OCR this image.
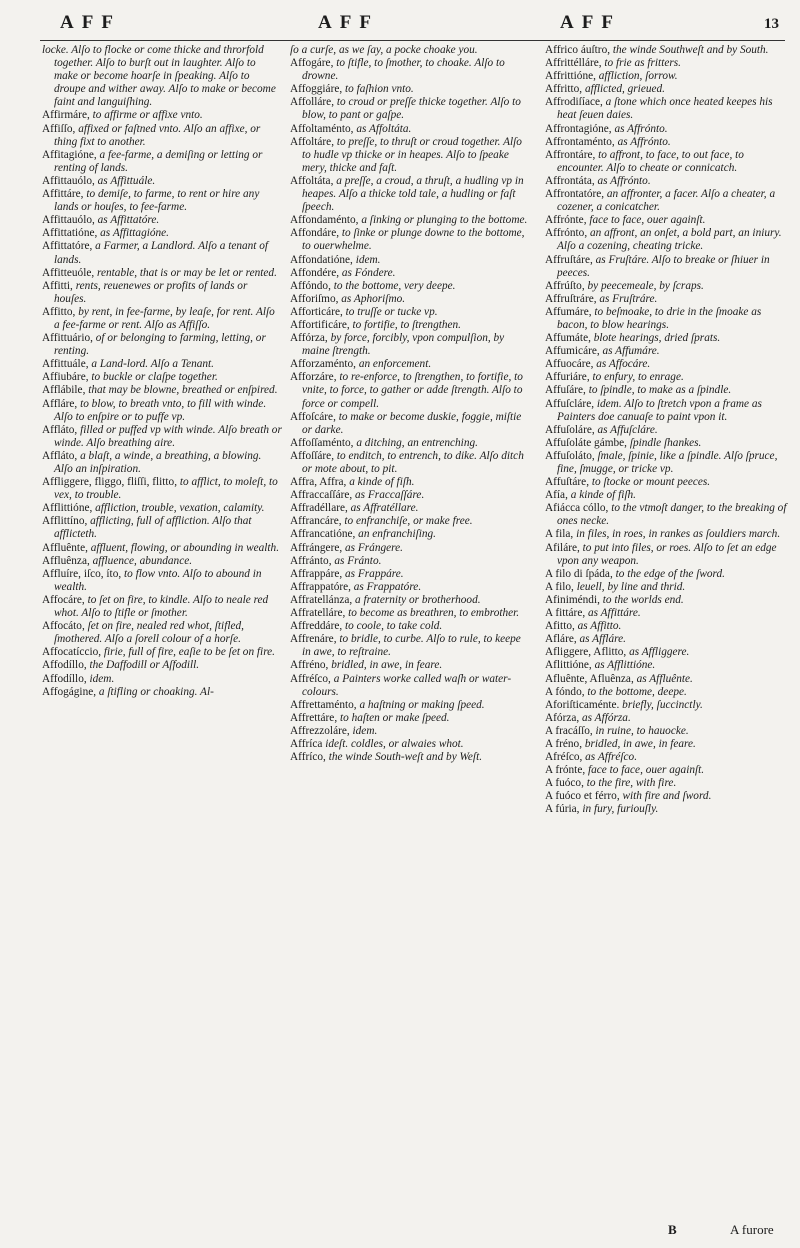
AFF	AFF	AFF	13

locke. Alſo to flocke or come thicke and throrfold together. Alſo to burſt out in laughter. Alſo to make or become hoarſe in ſpeaking. Alſo to droupe and wither away. Alſo to make or become faint and languiſhing.

Affirmáre, to affirme or affixe vnto.

Affiſſo, affixed or faſtned vnto. Alſo an affixe, or thing fixt to another.

Affitagióne, a fee-farme, a demiſing or letting or renting of lands.

Affittauólo, as Affittuále.

Affittáre, to demiſe, to farme, to rent or hire any lands or houſes, to fee-farme.

Affittauólo, as Affittatóre.

Affittatióne, as Affittagióne.

Affittatóre, a Farmer, a Landlord. Alſo a tenant of lands.

Affitteuóle, rentable, that is or may be let or rented.

Affitti, rents, reuenewes or profits of lands or houſes.

Affitto, by rent, in fee-farme, by leaſe, for rent. Alſo a fee-farme or rent. Alſo as Affiſſo.

Affittuário, of or belonging to farming, letting, or renting.

Affittuále, a Land-lord. Alſo a Tenant.

Affiubáre, to buckle or claſpe together.

Afflábile, that may be blowne, breathed or enſpired.

Affláre, to blow, to breath vnto, to fill with winde. Alſo to enſpire or to puffe vp.

Affláto, filled or puffed vp with winde. Alſo breath or winde. Alſo breathing aire.

Affláto, a blaſt, a winde, a breathing, a blowing. Alſo an inſpiration.

Affliggere, fliggo, fliſſi, flitto, to afflict, to moleſt, to vex, to trouble.

Afflittióne, affliction, trouble, vexation, calamity.

Afflittíno, afflicting, full of affliction. Alſo that afflicteth.

Affluênte, affluent, flowing, or abounding in wealth.

Affluênza, affluence, abundance.

Affluíre, iſco, íto, to flow vnto. Alſo to abound in wealth.

Affocáre, to ſet on fire, to kindle. Alſo to neale red whot. Alſo to ſtifle or ſmother.

Affocáto, ſet on fire, nealed red whot, ſtifled, ſmothered. Alſo a ſorell colour of a horſe.

Affocatíccio, firie, full of fire, eaſie to be ſet on fire.

Affodíllo, the Daffodill or Aſfodill.

Affodíllo, idem.

Affogágine, a ſtifling or choaking. Al-

ſo a curſe, as we ſay, a pocke choake you.

Affogáre, to ſtifle, to ſmother, to choake. Alſo to drowne.

Affoggiáre, to faſhion vnto.

Affolláre, to croud or preſſe thicke together. Alſo to blow, to pant or gaſpe.

Affoltaménto, as Affoltáta.

Affoltáre, to preſſe, to thruſt or croud together. Alſo to hudle vp thicke or in heapes. Alſo to ſpeake mery, thicke and faſt.

Affoltáta, a preſſe, a croud, a thruſt, a hudling vp in heapes. Alſo a thicke told tale, a hudling or faſt ſpeech.

Affondaménto, a ſinking or plunging to the bottome.

Affondáre, to ſinke or plunge downe to the bottome, to ouerwhelme.

Affondatióne, idem.

Affondére, as Fóndere.

Affóndo, to the bottome, very deepe.

Afforiſmo, as Aphoriſmo.

Afforticáre, to truſſe or tucke vp.

Affortificáre, to fortifie, to ſtrengthen.

Affórza, by force, forcibly, vpon compulſion, by maine ſtrength.

Afforzaménto, an enforcement.

Afforzáre, to re-enforce, to ſtrengthen, to fortifie, to vnite, to force, to gather or adde ſtrength. Alſo to force or compell.

Affoſcáre, to make or become duskie, foggie, miſtie or darke.

Affoſſaménto, a ditching, an entrenching.

Affoſſáre, to enditch, to entrench, to dike. Alſo ditch or mote about, to pit.

Affra, Affra, a kinde of fiſh.

Affraccaſſáre, as Fraccaſſáre.

Affradéllare, as Affratéllare.

Affrancáre, to enfranchiſe, or make free.

Affrancatióne, an enfranchiſing.

Affrángere, as Frángere.

Affránto, as Fránto.

Affrappáre, as Frappáre.

Affrappatóre, as Frappatóre.

Affratellánza, a fraternity or brotherhood.

Affratelláre, to become as breathren, to embrother.

Affreddáre, to coole, to take cold.

Affrenáre, to bridle, to curbe. Alſo to rule, to keepe in awe, to reſtraine.

Affréno, bridled, in awe, in feare.

Affréſco, a Painters worke called waſh or water-colours.

Affrettaménto, a haſtning or making ſpeed.

Affrettáre, to haſten or make ſpeed.

Affrezzoláre, idem.

Affríca ideſt. coldles, or alwaies whot.

Affríco, the winde South-weſt and by Weſt.

Affrico áuſtro, the winde Southweſt and by South.

Affrittélláre, to frie as fritters.

Affrittióne, affliction, ſorrow.

Affritto, afflicted, grieued.

Affrodiſíace, a ſtone which once heated keepes his heat ſeuen daies.

Affrontagióne, as Affrónto.

Affrontaménto, as Affrónto.

Affrontáre, to affront, to face, to out face, to encounter. Alſo to cheate or connicatch.

Affrontáta, as Affrónto.

Affrontatóre, an affronter, a facer. Alſo a cheater, a cozener, a conicatcher.

Affrónte, face to face, ouer againſt.

Affrónto, an affront, an onſet, a bold part, an iniury. Alſo a cozening, cheating tricke.

Affruſtáre, as Fruſtáre. Alſo to breake or ſhiuer in peeces.

Affrúſto, by peecemeale, by ſcraps.

Affruſtráre, as Fruſtráre.

Affumáre, to beſmoake, to drie in the ſmoake as bacon, to blow hearings.

Affumáte, blote hearings, dried ſprats.

Affumicáre, as Affumáre.

Affuocáre, as Affocáre.

Affuriáre, to enfury, to enrage.

Affuſáre, to ſpindle, to make as a ſpindle.

Affuſcláre, idem. Alſo to ſtretch vpon a frame as Painters doe canuaſe to paint vpon it.

Affuſoláre, as Affuſcláre.

Affuſoláte gámbe, ſpindle ſhankes.

Affuſoláto, ſmale, ſpinie, like a ſpindle. Alſo ſpruce, fine, ſmugge, or tricke vp.

Affuſtáre, to ſtocke or mount peeces.

Afía, a kinde of fiſh.

Afiácca cóllo, to the vtmoſt danger, to the breaking of ones necke.

A fila, in files, in roes, in rankes as ſouldiers march.

Afiláre, to put into files, or roes. Alſo to ſet an edge vpon any weapon.

A filo di ſpáda, to the edge of the ſword.

A filo, leuell, by line and thrid.

Afiniméndi, to the worlds end.

A fittáre, as Affittáre.

Afitto, as Affitto.

Afláre, as Affláre.

Afliggere, Aflitto, as Affliggere.

Aflittióne, as Afflittióne.

Afluênte, Afluênza, as Affluênte.

A fóndo, to the bottome, deepe.

Aforiſticaménte. briefly, ſuccinctly.

Afórza, as Affórza.

A fracáſſo, in ruine, to hauocke.

A fréno, bridled, in awe, in feare.

Afréſco, as Affréſco.

A frónte, face to face, ouer againſt.

A fuóco, to the fire, with fire.

A fuóco et férro, with fire and ſword.

A fúria, in fury, furiouſly.

B	A furore
